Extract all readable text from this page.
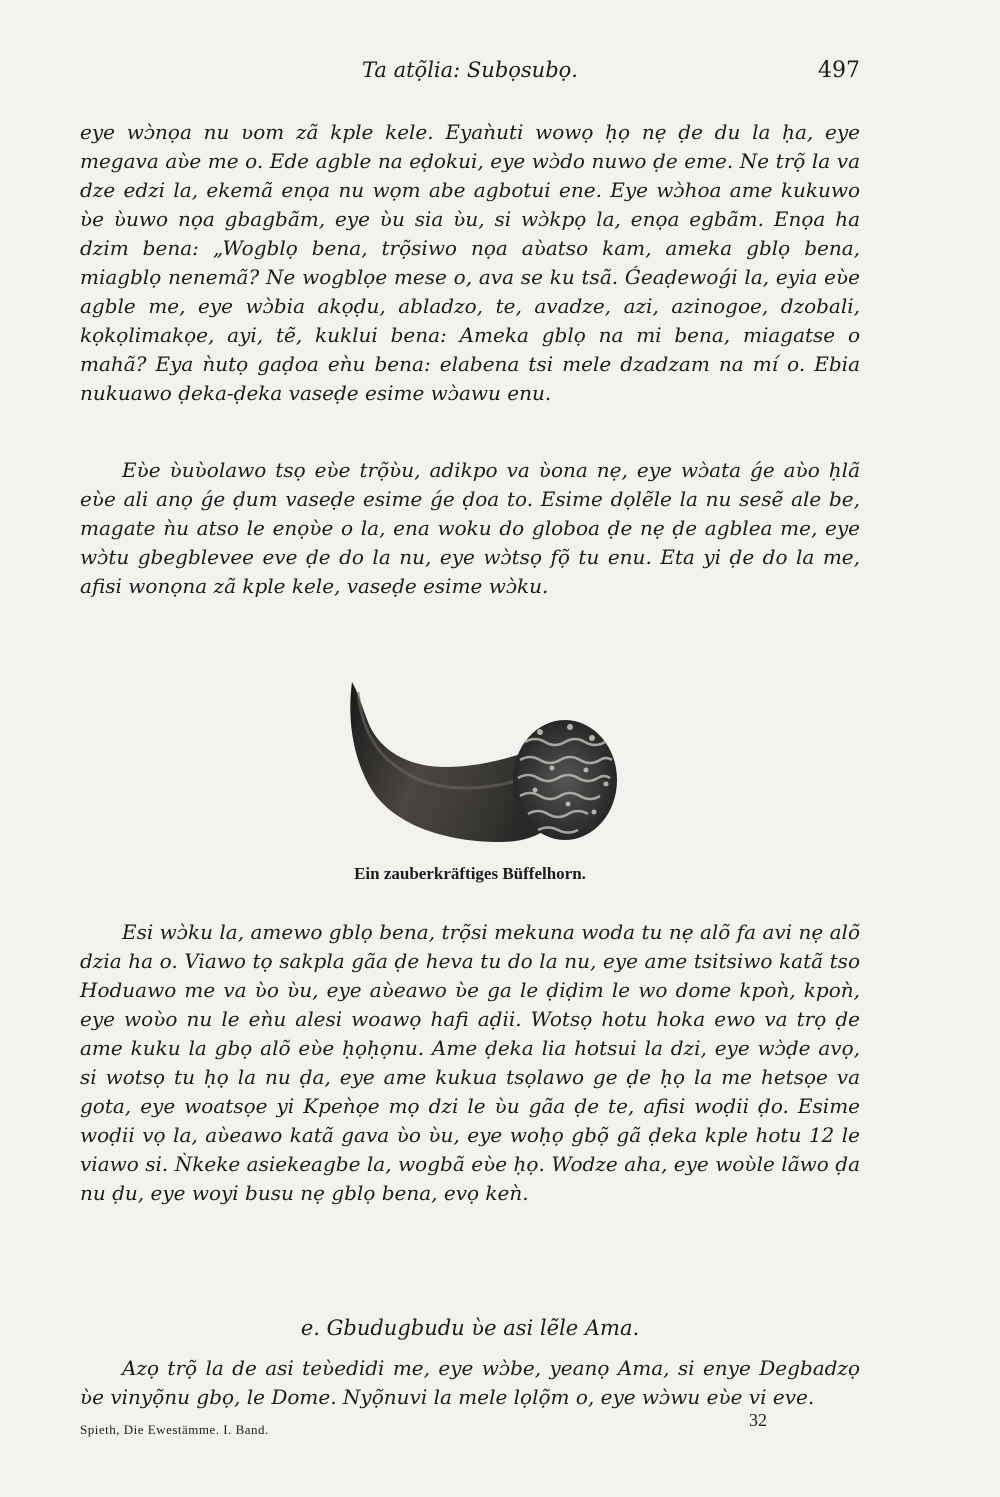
Ta atọ̃lia: Subọsubọ.	497

eye wɔ̀nọa nu ʋom zã kple kele. Eyaǹuti wowọ ḥọ nẹ ḍe du la ḥa, eye megava aʋ̀e me o. Ede agble na eḍokui, eye wɔ̀do nuwo ḍe eme. Ne trọ̃ la va dze edzi la, ekemã enọa nu wọm abe agbotui ene. Eye wɔ̀hoa ame kukuwo ʋ̀e ʋ̀uwo nọa gbagbãm, eye ʋ̀u sia ʋ̀u, si wɔ̀kpọ la, enọa egbãm. Enọa ha dzim bena: „Wogblọ bena, trọ̃siwo nọa aʋ̀atso kam, ameka gblọ bena, miagblọ nenemã? Ne wogblọe mese o, ava se ku tsã. Ǵeaḍewoǵi la, eyia eʋ̀e agble me, eye wɔ̀bia akọḍu, abladzo, te, avadze, azi, azinogoe, dzobali, kọkọlimakọe, ayi, tẽ, kuklui bena: Ameka gblọ na mi bena, miagatse o mahã? Eya ǹutọ gaḍoa eǹu bena: elabena tsi mele dzadzam na mí o. Ebia nukuawo ḍeka-ḍeka vaseḍe esime wɔ̀awu enu.

Eʋ̀e ʋ̀uʋ̀olawo tsọ eʋ̀e trọ̃ʋ̀u, adikpo va ʋ̀ona nẹ, eye wɔ̀ata ǵe aʋ̀o ḥlã eʋ̀e ali anọ ǵe ḍum vaseḍe esime ǵe ḍoa to. Esime dọlẽle la nu sesẽ ale be, magate ǹu atso le enọʋ̀e o la, ena woku do globoa ḍe nẹ ḍe agblea me, eye wɔ̀tu gbegblevee eve ḍe do la nu, eye wɔ̀tsọ fọ̃ tu enu. Eta yi ḍe do la me, afisi wonọna zã kple kele, vaseḍe esime wɔ̀ku.

Ein zauberkräftiges Büffelhorn.

Esi wɔ̀ku la, amewo gblọ bena, trọ̃si mekuna woda tu nẹ alõ fa avi nẹ alõ dzia ha o. Viawo tọ sakpla gãa ḍe heva tu do la nu, eye ame tsitsiwo katã tso Hoduawo me va ʋ̀o ʋ̀u, eye aʋ̀eawo ʋ̀e ga le ḍiḍim le wo dome kpoǹ, kpoǹ, eye woʋ̀o nu le eǹu alesi woawọ hafi aḍii. Wotsọ hotu hoka ewo va trọ ḍe ame kuku la gbọ alõ eʋ̀e ḥọḥọnu. Ame ḍeka lia hotsui la dzi, eye wɔ̀ḍe avọ, si wotsọ tu ḥọ la nu ḍa, eye ame kukua tsọlawo ge ḍe ḥọ la me hetsọe va gota, eye woatsọe yi Kpeǹọe mọ dzi le ʋ̀u gãa ḍe te, afisi woḍii ḍo. Esime woḍii vọ la, aʋ̀eawo katã gava ʋ̀o ʋ̀u, eye woḥọ gbọ̃ gã ḍeka kple hotu 12 le viawo si. Ǹkeke asiekeagbe la, wogbã eʋ̀e ḥọ. Wodze aha, eye woʋ̀le lãwo ḍa nu ḍu, eye woyi busu nẹ gblọ bena, evọ keǹ.

e. Gbudugbudu ʋ̀e asi lẽle Ama.

Azọ trọ̃ la de asi teʋ̀edidi me, eye wɔ̀be, yeanọ Ama, si enye Degbadzọ ʋ̀e vinyọ̃nu gbọ, le Dome. Nyọ̃nuvi la mele lọlọ̃m o, eye wɔ̀wu eʋ̀e vi eve.

Spieth, Die Ewestämme. I. Band.	32
